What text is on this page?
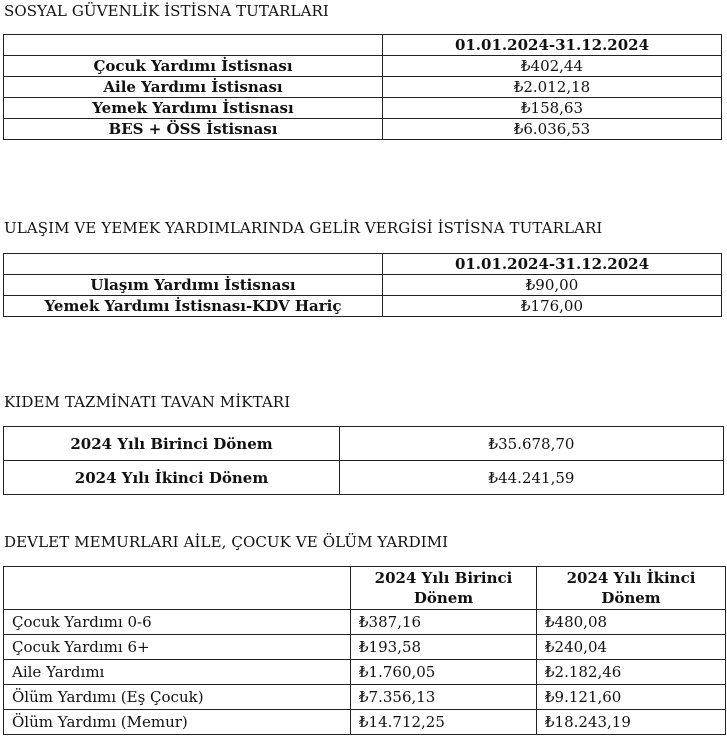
SOSYAL GÜVENLİK İSTİSNA TUTARLARI
	01.01.2024-31.12.2024
Çocuk Yardımı İstisnası	₺402,44
Aile Yardımı İstisnası	₺2.012,18
Yemek Yardımı İstisnası	₺158,63
BES + ÖSS İstisnası	₺6.036,53
ULAŞIM VE YEMEK YARDIMLARINDA GELİR VERGİSİ İSTİSNA TUTARLARI
	01.01.2024-31.12.2024
Ulaşım Yardımı İstisnası	₺90,00
Yemek Yardımı İstisnası-KDV Hariç	₺176,00
KIDEM TAZMİNATI TAVAN MİKTARI
2024 Yılı Birinci Dönem	₺35.678,70
2024 Yılı İkinci Dönem	₺44.241,59
DEVLET MEMURLARI AİLE, ÇOCUK VE ÖLÜM YARDIMI
	2024 Yılı Birinci Dönem	2024 Yılı İkinci Dönem
Çocuk Yardımı 0-6	₺387,16	₺480,08
Çocuk Yardımı 6+	₺193,58	₺240,04
Aile Yardımı	₺1.760,05	₺2.182,46
Ölüm Yardımı (Eş Çocuk)	₺7.356,13	₺9.121,60
Ölüm Yardımı (Memur)	₺14.712,25	₺18.243,19
